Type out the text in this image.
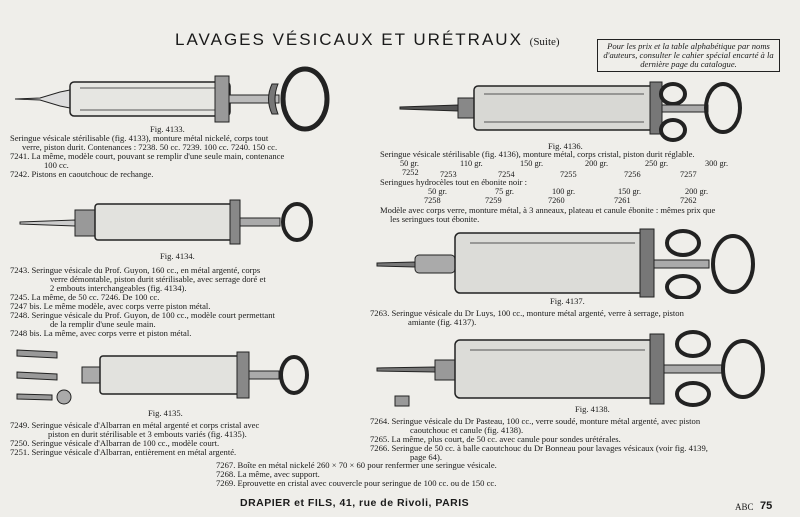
LAVAGES VÉSICAUX ET URÉTRAUX (Suite)	Pour les prix et la table alphabétique par noms d'auteurs, consulter le cahier spécial encarté à la dernière page du catalogue.
Fig. 4133.
Seringue vésicale stérilisable (fig. 4133), monture métal nickelé, corps tout
verre, piston durit. Contenances : 7238. 50 cc. 7239. 100 cc. 7240. 150 cc.
7241. La même, modèle court, pouvant se remplir d'une seule main, contenance
100 cc.
7242. Pistons en caoutchouc de rechange.
Fig. 4134.
7243. Seringue vésicale du Prof. Guyon, 160 cc., en métal argenté, corps
verre démontable, piston durit stérilisable, avec serrage doré et
2 embouts interchangeables (fig. 4134).
7245. La même, de 50 cc. 7246. De 100 cc.
7247 bis. Le même modèle, avec corps verre piston métal.
7248. Seringue vésicale du Prof. Guyon, de 100 cc., modèle court permettant
de la remplir d'une seule main.
7248 bis. La même, avec corps verre et piston métal.
Fig. 4135.
7249. Seringue vésicale d'Albarran en métal argenté et corps cristal avec
piston en durit stérilisable et 3 embouts variés (fig. 4135).
7250. Seringue vésicale d'Albarran de 100 cc., modèle court.
7251. Seringue vésicale d'Albarran, entièrement en métal argenté.
Fig. 4136.
Seringue vésicale stérilisable (fig. 4136), monture métal, corps cristal, piston durit réglable.
50 gr.	110 gr.	150 gr.	200 gr.	250 gr.	300 gr.
7252	7253	7254	7255	7256	7257
Seringues hydrocèles tout en ébonite noir :
50 gr.	75 gr.	100 gr.	150 gr.	200 gr.
7258	7259	7260	7261	7262
Modèle avec corps verre, monture métal, à 3 anneaux, plateau et canule ébonite : mêmes prix que
les seringues tout ébonite.
Fig. 4137.
7263. Seringue vésicale du Dr Luys, 100 cc., monture métal argenté, verre à serrage, piston
amiante (fig. 4137).
Fig. 4138.
7264. Seringue vésicale du Dr Pasteau, 100 cc., verre soudé, monture métal argenté, avec piston
caoutchouc et canule (fig. 4138).
7265. La même, plus court, de 50 cc. avec canule pour sondes urétérales.
7266. Seringue de 50 cc. à balle caoutchouc du Dr Bonneau pour lavages vésicaux (voir fig. 4139,
page 64).
7267. Boîte en métal nickelé 260 × 70 × 60 pour renfermer une seringue vésicale.
7268. La même, avec support.
7269. Eprouvette en cristal avec couvercle pour seringue de 100 cc. ou de 150 cc.
DRAPIER et FILS, 41, rue de Rivoli, PARIS	ABC 75
